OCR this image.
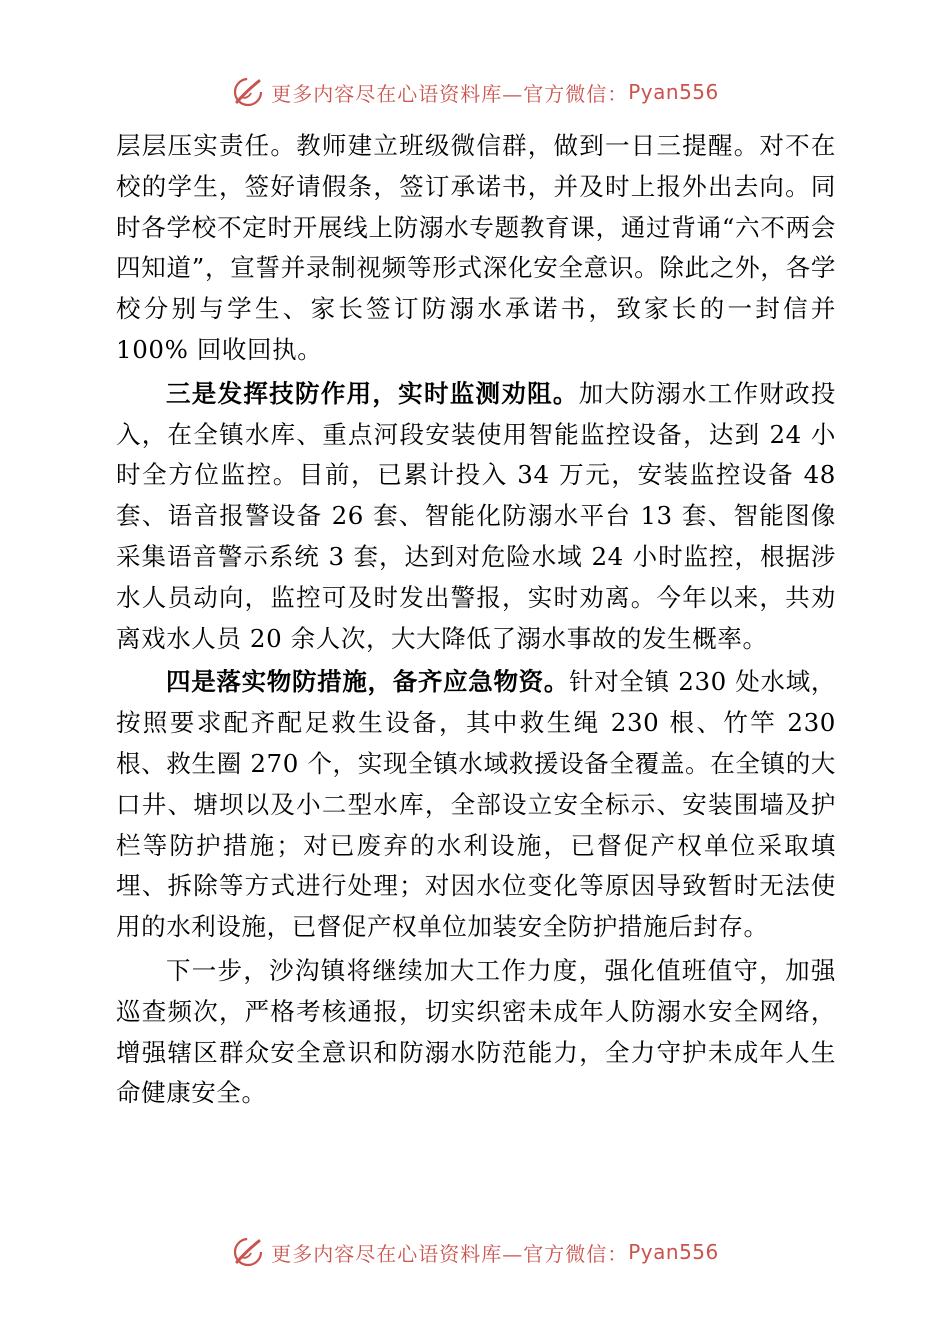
更多内容尽在心语资料库—官方微信： Pyan556

层层压实责任。教师建立班级微信群，做到一日三提醒。对不在校的学生，签好请假条，签订承诺书，并及时上报外出去向。同时各学校不定时开展线上防溺水专题教育课，通过背诵“六不两会四知道”，宣誓并录制视频等形式深化安全意识。除此之外，各学校分别与学生、家长签订防溺水承诺书，致家长的一封信并 100% 回收回执。

三是发挥技防作用，实时监测劝阻。加大防溺水工作财政投入，在全镇水库、重点河段安装使用智能监控设备，达到 24 小时全方位监控。目前，已累计投入 34 万元，安装监控设备 48 套、语音报警设备 26 套、智能化防溺水平台 13 套、智能图像采集语音警示系统 3 套，达到对危险水域 24 小时监控，根据涉水人员动向，监控可及时发出警报，实时劝离。今年以来，共劝离戏水人员 20 余人次，大大降低了溺水事故的发生概率。

四是落实物防措施，备齐应急物资。针对全镇 230 处水域，按照要求配齐配足救生设备，其中救生绳 230 根、竹竿 230 根、救生圈 270 个，实现全镇水域救援设备全覆盖。在全镇的大口井、塘坝以及小二型水库，全部设立安全标示、安装围墙及护栏等防护措施；对已废弃的水利设施，已督促产权单位采取填埋、拆除等方式进行处理；对因水位变化等原因导致暂时无法使用的水利设施，已督促产权单位加装安全防护措施后封存。

下一步，沙沟镇将继续加大工作力度，强化值班值守，加强巡查频次，严格考核通报，切实织密未成年人防溺水安全网络，增强辖区群众安全意识和防溺水防范能力，全力守护未成年人生命健康安全。

更多内容尽在心语资料库—官方微信： Pyan556
